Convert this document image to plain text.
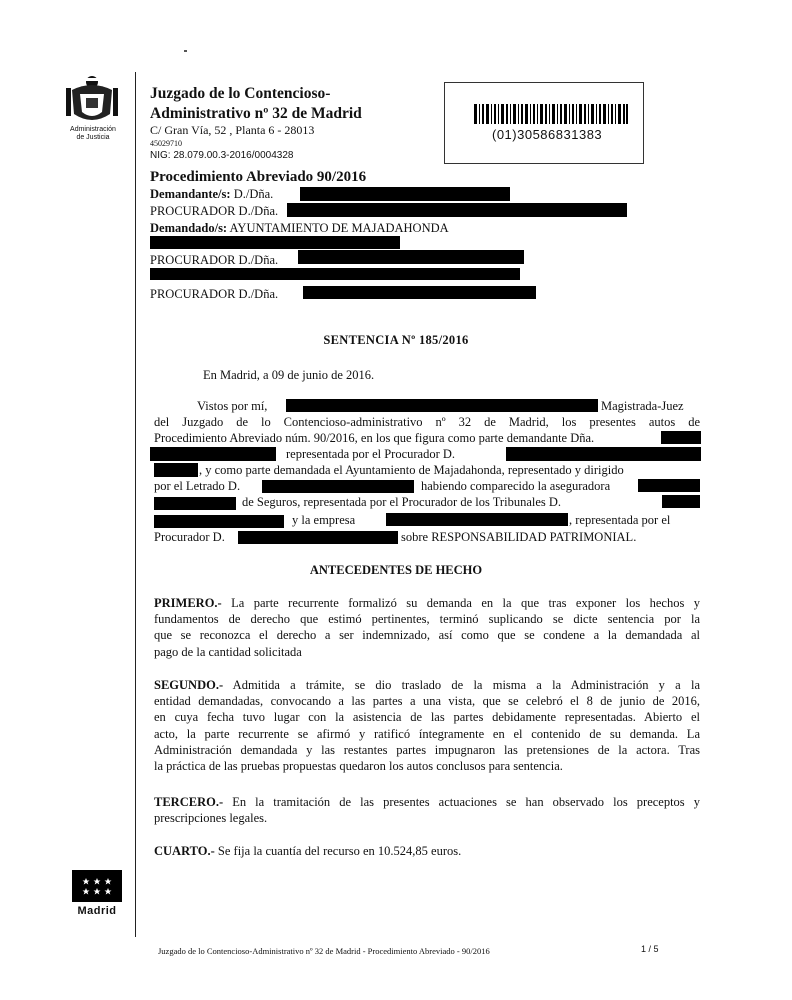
Administración
de Justicia
Juzgado de lo Contencioso-
Administrativo nº 32 de Madrid
C/ Gran Vía, 52 , Planta 6 - 28013
45029710
NIG: 28.079.00.3-2016/0004328
(01)30586831383
Procedimiento Abreviado 90/2016
Demandante/s: D./Dña.
PROCURADOR D./Dña.
Demandado/s: AYUNTAMIENTO DE MAJADAHONDA
PROCURADOR D./Dña.
PROCURADOR D./Dña.
SENTENCIA Nº 185/2016
En Madrid, a 09 de junio de 2016.
Vistos por mí,	Magistrada-Juez
del Juzgado de lo Contencioso-administrativo nº 32 de Madrid, los presentes autos de
Procedimiento Abreviado núm. 90/2016, en los que figura como parte demandante Dña.
representada por el Procurador D.
, y como parte demandada el Ayuntamiento de Majadahonda, representado y dirigido
por el Letrado D.	habiendo comparecido la aseguradora
de Seguros, representada por el Procurador de los Tribunales D.
y la empresa	, representada por el
Procurador D.	sobre RESPONSABILIDAD PATRIMONIAL.
ANTECEDENTES DE HECHO
PRIMERO.- La parte recurrente formalizó su demanda en la que tras exponer los hechos y
fundamentos de derecho que estimó pertinentes, terminó suplicando se dicte sentencia por la
que se reconozca el derecho a ser indemnizado, así como que se condene a la demandada al
pago de la cantidad solicitada
SEGUNDO.- Admitida a trámite, se dio traslado de la misma a la Administración y a la
entidad demandadas, convocando a las partes a una vista, que se celebró el 8 de junio de 2016,
en cuya fecha tuvo lugar con la asistencia de las partes debidamente representadas. Abierto el
acto, la parte recurrente se afirmó y ratificó íntegramente en el contenido de su demanda. La
Administración demandada y las restantes partes impugnaron las pretensiones de la actora. Tras
la práctica de las pruebas propuestas quedaron los autos conclusos para sentencia.
TERCERO.- En la tramitación de las presentes actuaciones se han observado los preceptos y
prescripciones legales.
CUARTO.- Se fija la cuantía del recurso en 10.524,85 euros.
Madrid
Juzgado de lo Contencioso-Administrativo nº 32 de Madrid - Procedimiento Abreviado - 90/2016	1 / 5
